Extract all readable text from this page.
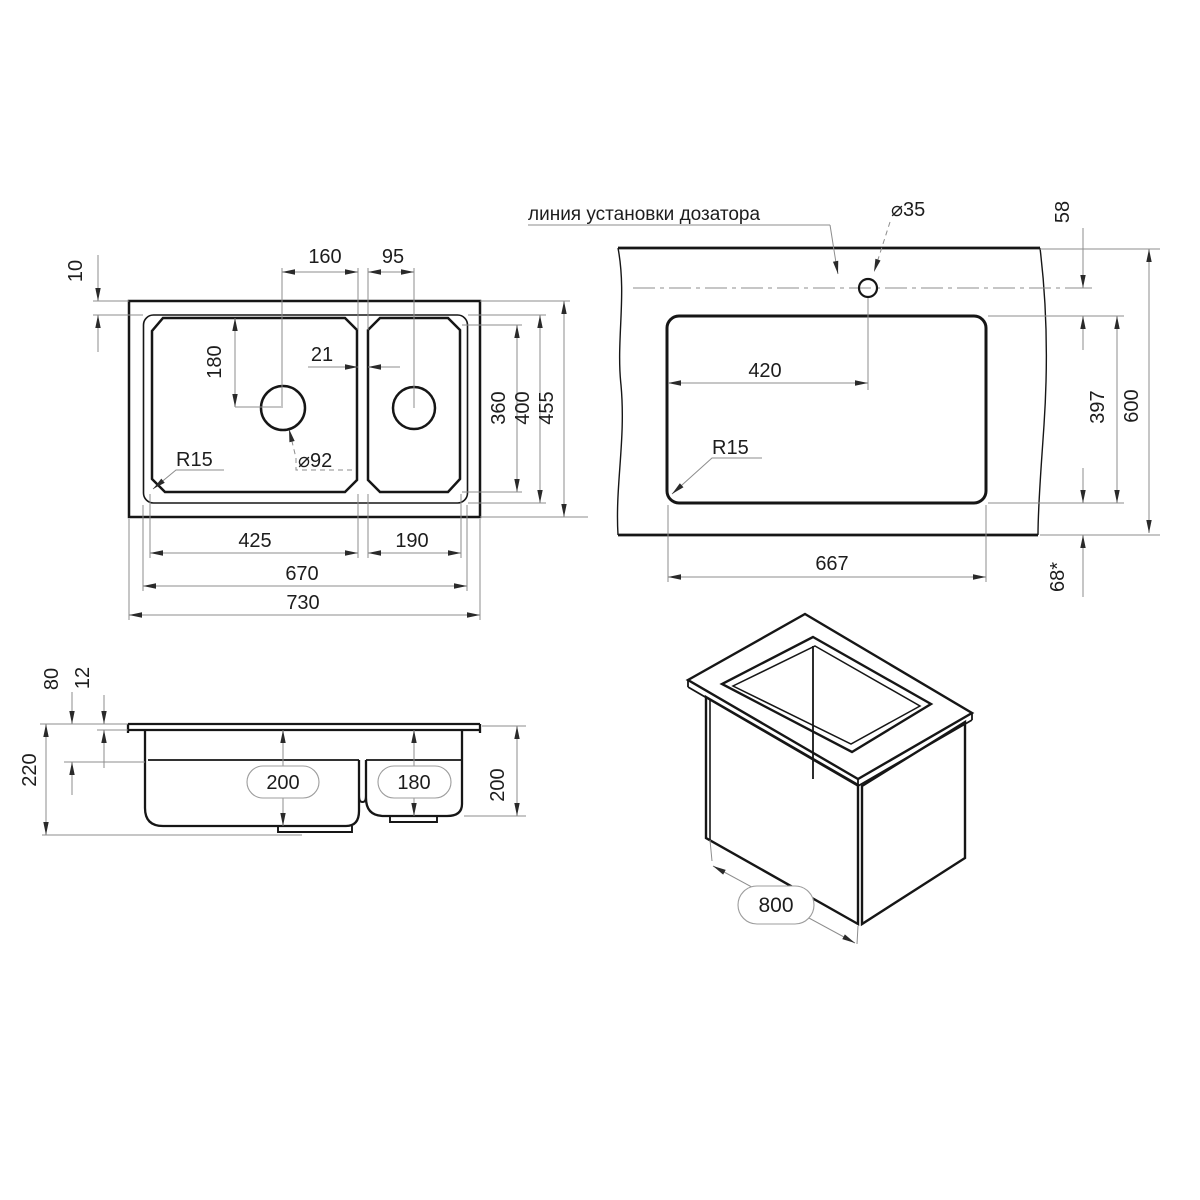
10
160 95
21
180
⌀92
R15
360 400 455
425	190
670
730
линия установки дозатора	⌀35	58
420
R15
397 600
667	68*
80 12
220	200	180	200
800
